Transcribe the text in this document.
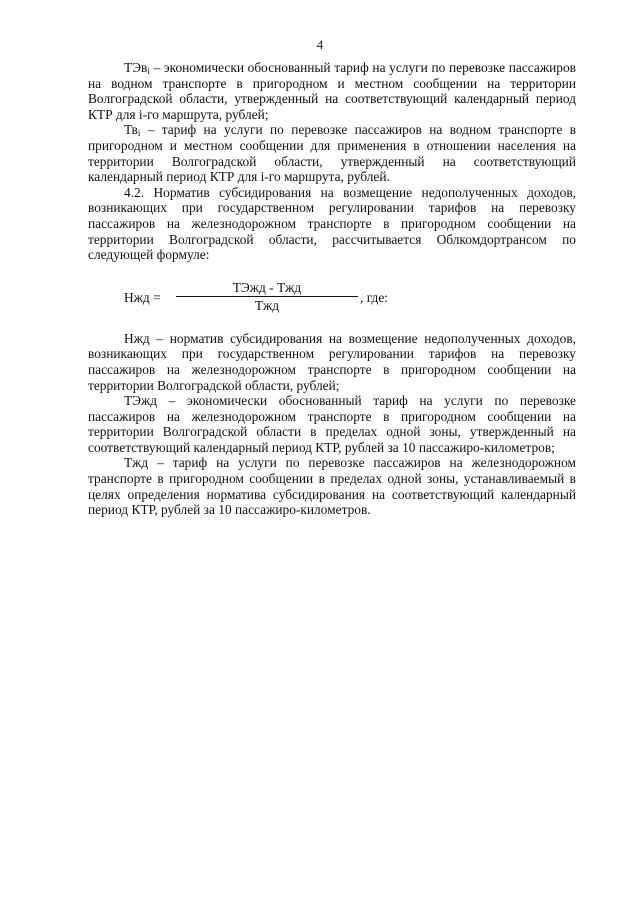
4

ТЭв$_i$ – экономически обоснованный тариф на услуги по перевозке пассажиров на водном транспорте в пригородном и местном сообщении на территории Волгоградской области, утвержденный на соответствующий календарный период КТР для i-го маршрута, рублей;

$Тв_i$ – тариф на услуги по перевозке пассажиров на водном транспорте в пригородном и местном сообщении для применения в отношении населения на территории Волгоградской области, утвержденный на соответствующий календарный период КТР для i-го маршрута, рублей.

4.2. Норматив субсидирования на возмещение недополученных доходов, возникающих при государственном регулировании тарифов на перевозку пассажиров на железнодорожном транспорте в пригородном сообщении на территории Волгоградской области, рассчитывается Облкомдортрансом по следующей формуле:

Нжд =
ТЭжд - Тжд
Тжд
, где:

Нжд – норматив субсидирования на возмещение недополученных доходов, возникающих при государственном регулировании тарифов на перевозку пассажиров на железнодорожном транспорте в пригородном сообщении на территории Волгоградской области, рублей;

ТЭжд – экономически обоснованный тариф на услуги по перевозке пассажиров на железнодорожном транспорте в пригородном сообщении на территории Волгоградской области в пределах одной зоны, утвержденный на соответствующий календарный период КТР, рублей за 10 пассажиро-километров;

Тжд – тариф на услуги по перевозке пассажиров на железнодорожном транспорте в пригородном сообщении в пределах одной зоны, устанавливаемый в целях определения норматива субсидирования на соответствующий календарный период КТР, рублей за 10 пассажиро-километров.
